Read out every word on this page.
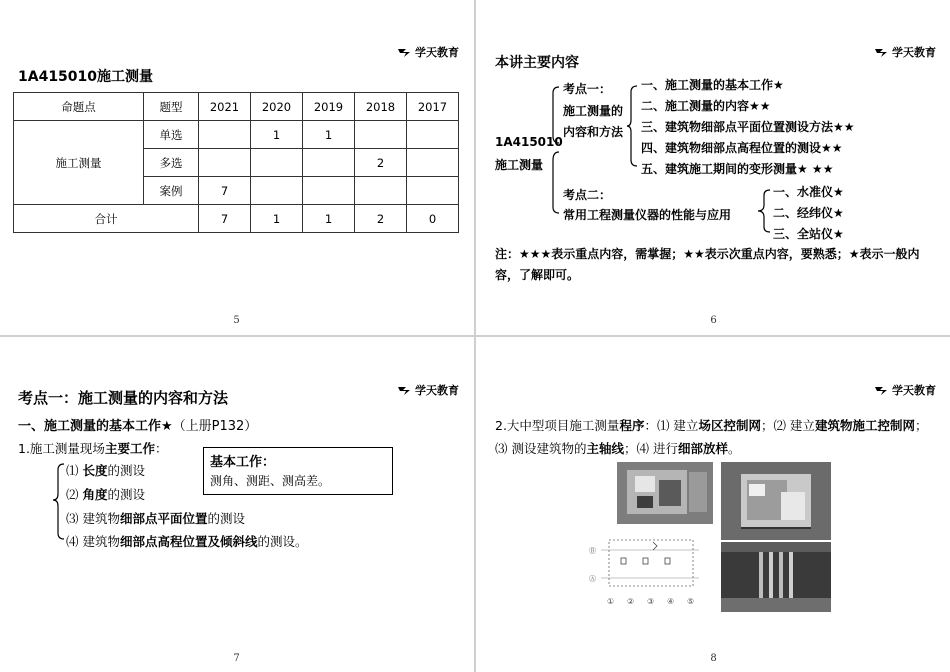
学天教育
1A415010施工测量
命题点	题型	2021	2020	2019	2018	2017
施工测量	单选		1	1		
	多选				2	
	案例	7				
合计		7	1	1	2	0
5
学天教育
本讲主要内容
1A415010
施工测量
考点一：
施工测量的
内容和方法
一、施工测量的基本工作★
二、施工测量的内容★★
三、建筑物细部点平面位置测设方法★★
四、建筑物细部点高程位置的测设★★
五、建筑施工期间的变形测量★ ★★
考点二：
常用工程测量仪器的性能与应用
一、水准仪★
二、经纬仪★
三、全站仪★
注：★★★表示重点内容，需掌握；★★表示次重点内容，要熟悉；★表示一般内容，了解即可。
6
学天教育
考点一：施工测量的内容和方法
一、施工测量的基本工作★（上册P132）
1.施工测量现场主要工作：
⑴ 长度的测设
⑵ 角度的测设
⑶ 建筑物细部点平面位置的测设
⑷ 建筑物细部点高程位置及倾斜线的测设。
基本工作：
测角、测距、测高差。
7
学天教育
2.大中型项目施工测量程序：⑴ 建立场区控制网；⑵ 建立建筑物施工控制网；⑶ 测设建筑物的主轴线；⑷ 进行细部放样。
Ⓑ
Ⓐ
① ② ③ ④ ⑤
8
